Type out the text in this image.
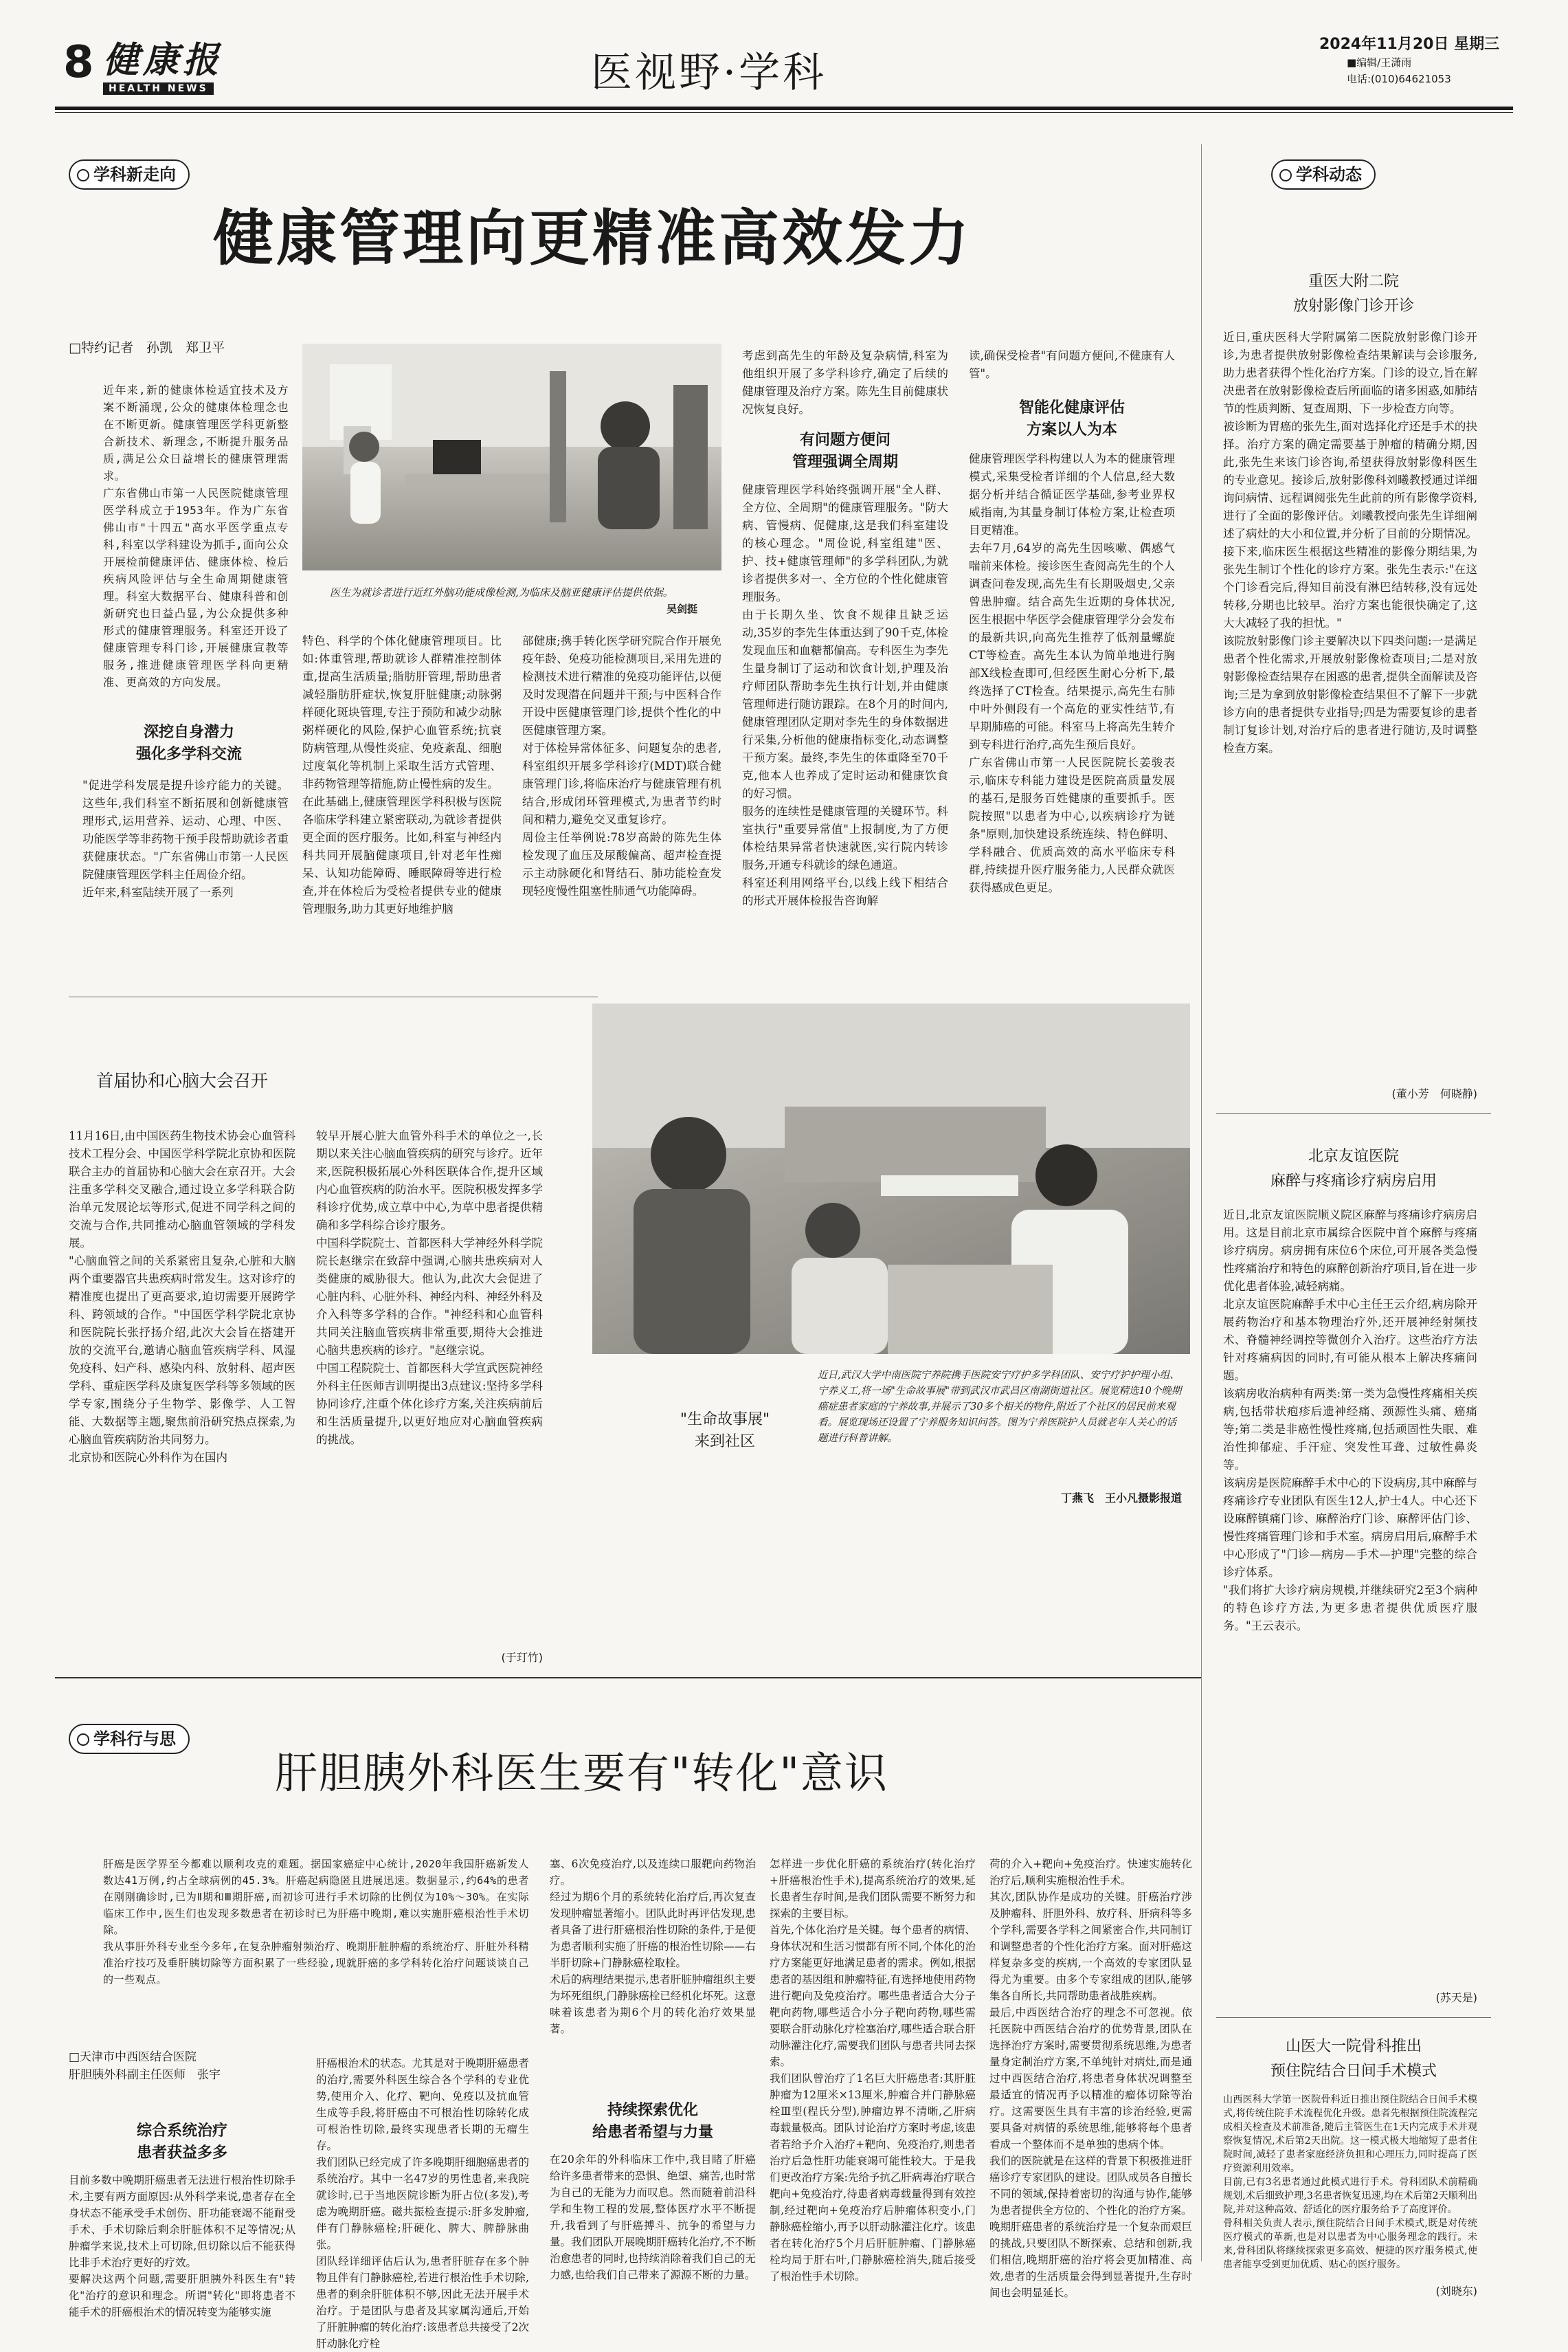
8 健康报
HEALTH NEWS	医视野·学科
2024年11月20日 星期三
■编辑/王潇雨
电话:(010)64621053
学科新走向
健康管理向更精准高效发力
□特约记者　孙凯　郑卫平
近年来,新的健康体检适宜技术及方案不断涌现,公众的健康体检理念也在不断更新。健康管理医学科更新整合新技术、新理念,不断提升服务品质,满足公众日益增长的健康管理需求。
广东省佛山市第一人民医院健康管理医学科成立于1953年。作为广东省佛山市"十四五"高水平医学重点专科,科室以学科建设为抓手,面向公众开展检前健康评估、健康体检、检后疾病风险评估与全生命周期健康管理。科室大数据平台、健康科普和创新研究也日益凸显,为公众提供多种形式的健康管理服务。科室还开设了健康管理专科门诊,开展健康宣教等服务,推进健康管理医学科向更精准、更高效的方向发展。
深挖自身潜力
强化多学科交流
"促进学科发展是提升诊疗能力的关键。这些年,我们科室不断拓展和创新健康管理形式,运用营养、运动、心理、中医、功能医学等非药物干预手段帮助就诊者重获健康状态。"广东省佛山市第一人民医院健康管理医学科主任周俭介绍。
近年来,科室陆续开展了一系列
医生为就诊者进行近红外脑功能成像检测,为临床及脑亚健康评估提供依据。
吴剑挺
特色、科学的个体化健康管理项目。比如:体重管理,帮助就诊人群精准控制体重,提高生活质量;脂肪肝管理,帮助患者减轻脂肪肝症状,恢复肝脏健康;动脉粥样硬化斑块管理,专注于预防和减少动脉粥样硬化的风险,保护心血管系统;抗衰防病管理,从慢性炎症、免疫紊乱、细胞过度氧化等机制上采取生活方式管理、非药物管理等措施,防止慢性病的发生。
在此基础上,健康管理医学科积极与医院各临床学科建立紧密联动,为就诊者提供更全面的医疗服务。比如,科室与神经内科共同开展脑健康项目,针对老年性痴呆、认知功能障碍、睡眠障碍等进行检查,并在体检后为受检者提供专业的健康管理服务,助力其更好地维护脑
部健康;携手转化医学研究院合作开展免疫年龄、免疫功能检测项目,采用先进的检测技术进行精准的免疫功能评估,以便及时发现潜在问题并干预;与中医科合作开设中医健康管理门诊,提供个性化的中医健康管理方案。
对于体检异常体征多、问题复杂的患者,科室组织开展多学科诊疗(MDT)联合健康管理门诊,将临床治疗与健康管理有机结合,形成闭环管理模式,为患者节约时间和精力,避免交叉重复诊疗。
周俭主任举例说:78岁高龄的陈先生体检发现了血压及尿酸偏高、超声检查提示主动脉硬化和肾结石、肺功能检查发现轻度慢性阻塞性肺通气功能障碍。
考虑到高先生的年龄及复杂病情,科室为他组织开展了多学科诊疗,确定了后续的健康管理及治疗方案。陈先生目前健康状况恢复良好。
有问题方便问
管理强调全周期
健康管理医学科始终强调开展"全人群、全方位、全周期"的健康管理服务。"防大病、管慢病、促健康,这是我们科室建设的核心理念。"周俭说,科室组建"医、护、技+健康管理师"的多学科团队,为就诊者提供多对一、全方位的个性化健康管理服务。
由于长期久坐、饮食不规律且缺乏运动,35岁的李先生体重达到了90千克,体检发现血压和血糖都偏高。专科医生为李先生量身制订了运动和饮食计划,护理及治疗师团队帮助李先生执行计划,并由健康管理师进行随访跟踪。在8个月的时间内,健康管理团队定期对李先生的身体数据进行采集,分析他的健康指标变化,动态调整干预方案。最终,李先生的体重降至70千克,他本人也养成了定时运动和健康饮食的好习惯。
服务的连续性是健康管理的关键环节。科室执行"重要异常值"上报制度,为了方便体检结果异常者快速就医,实行院内转诊服务,开通专科就诊的绿色通道。
科室还利用网络平台,以线上线下相结合的形式开展体检报告咨询解
读,确保受检者"有问题方便问,不健康有人管"。
智能化健康评估
方案以人为本
健康管理医学科构建以人为本的健康管理模式,采集受检者详细的个人信息,经大数据分析并结合循证医学基础,参考业界权威指南,为其量身制订体检方案,让检查项目更精准。
去年7月,64岁的高先生因咳嗽、偶感气喘前来体检。接诊医生查阅高先生的个人调查问卷发现,高先生有长期吸烟史,父亲曾患肿瘤。结合高先生近期的身体状况,医生根据中华医学会健康管理学分会发布的最新共识,向高先生推荐了低剂量螺旋CT等检查。高先生本认为简单地进行胸部X线检查即可,但经医生耐心分析下,最终选择了CT检查。结果提示,高先生右肺中叶外侧段有一个高危的亚实性结节,有早期肺癌的可能。科室马上将高先生转介到专科进行治疗,高先生预后良好。
广东省佛山市第一人民医院院长姜骏表示,临床专科能力建设是医院高质量发展的基石,是服务百姓健康的重要抓手。医院按照"以患者为中心,以疾病诊疗为链条"原则,加快建设系统连续、特色鲜明、学科融合、优质高效的高水平临床专科群,持续提升医疗服务能力,人民群众就医获得感成色更足。
学科动态
重医大附二院
放射影像门诊开诊
近日,重庆医科大学附属第二医院放射影像门诊开诊,为患者提供放射影像检查结果解读与会诊服务,助力患者获得个性化治疗方案。门诊的设立,旨在解决患者在放射影像检查后所面临的诸多困惑,如肺结节的性质判断、复查周期、下一步检查方向等。
被诊断为胃癌的张先生,面对选择化疗还是手术的抉择。治疗方案的确定需要基于肿瘤的精确分期,因此,张先生来该门诊咨询,希望获得放射影像科医生的专业意见。接诊后,放射影像科刘曦教授通过详细询问病情、远程调阅张先生此前的所有影像学资料,进行了全面的影像评估。刘曦教授向张先生详细阐述了病灶的大小和位置,并分析了目前的分期情况。接下来,临床医生根据这些精准的影像分期结果,为张先生制订个性化的诊疗方案。张先生表示:"在这个门诊看完后,得知目前没有淋巴结转移,没有远处转移,分期也比较早。治疗方案也能很快确定了,这大大减轻了我的担忧。"
该院放射影像门诊主要解决以下四类问题:一是满足患者个性化需求,开展放射影像检查项目;二是对放射影像检查结果存在困惑的患者,提供全面解读及咨询;三是为拿到放射影像检查结果但不了解下一步就诊方向的患者提供专业指导;四是为需要复诊的患者制订复诊计划,对治疗后的患者进行随访,及时调整检查方案。
(董小芳　何晓静)
北京友谊医院
麻醉与疼痛诊疗病房启用
近日,北京友谊医院顺义院区麻醉与疼痛诊疗病房启用。这是目前北京市属综合医院中首个麻醉与疼痛诊疗病房。病房拥有床位6个床位,可开展各类急慢性疼痛治疗和特色的麻醉创新治疗项目,旨在进一步优化患者体验,减轻病痛。
北京友谊医院麻醉手术中心主任王云介绍,病房除开展药物治疗和基本物理治疗外,还开展神经射频技术、脊髓神经调控等微创介入治疗。这些治疗方法针对疼痛病因的同时,有可能从根本上解决疼痛问题。
该病房收治病种有两类:第一类为急慢性疼痛相关疾病,包括带状疱疹后遗神经痛、颈源性头痛、癌痛等;第二类是非癌性慢性疼痛,包括顽固性失眠、难治性抑郁症、手汗症、突发性耳聋、过敏性鼻炎等。
该病房是医院麻醉手术中心的下设病房,其中麻醉与疼痛诊疗专业团队有医生12人,护士4人。中心还下设麻醉镇痛门诊、麻醉治疗门诊、麻醉评估门诊、慢性疼痛管理门诊和手术室。病房启用后,麻醉手术中心形成了"门诊—病房—手术—护理"完整的综合诊疗体系。
"我们将扩大诊疗病房规模,并继续研究2至3个病种的特色诊疗方法,为更多患者提供优质医疗服务。"王云表示。
(苏天是)
山医大一院骨科推出
预住院结合日间手术模式
山西医科大学第一医院骨科近日推出预住院结合日间手术模式,将传统住院手术流程优化升级。患者先根据预住院流程完成相关检查及术前准备,随后主管医生在1天内完成手术并观察恢复情况,术后第2天出院。这一模式极大地缩短了患者住院时间,减轻了患者家庭经济负担和心理压力,同时提高了医疗资源利用效率。
目前,已有3名患者通过此模式进行手术。骨科团队术前精确规划,术后细致护理,3名患者恢复迅速,均在术后第2天顺利出院,并对这种高效、舒适化的医疗服务给予了高度评价。
骨科相关负责人表示,预住院结合日间手术模式,既是对传统医疗模式的革新,也是对以患者为中心服务理念的践行。未来,骨科团队将继续探索更多高效、便捷的医疗服务模式,使患者能享受到更加优质、贴心的医疗服务。
(刘晓东)
首届协和心脑大会召开
11月16日,由中国医药生物技术协会心血管科技术工程分会、中国医学科学院北京协和医院联合主办的首届协和心脑大会在京召开。大会注重多学科交叉融合,通过设立多学科联合防治单元发展论坛等形式,促进不同学科之间的交流与合作,共同推动心脑血管领域的学科发展。
"心脑血管之间的关系紧密且复杂,心脏和大脑两个重要器官共患疾病时常发生。这对诊疗的精准度也提出了更高要求,迫切需要开展跨学科、跨领域的合作。"中国医学科学院北京协和医院院长张抒扬介绍,此次大会旨在搭建开放的交流平台,邀请心脑血管疾病学科、风湿免疫科、妇产科、感染内科、放射科、超声医学科、重症医学科及康复医学科等多领域的医学专家,围绕分子生物学、影像学、人工智能、大数据等主题,聚焦前沿研究热点探索,为心脑血管疾病防治共同努力。
北京协和医院心外科作为在国内
较早开展心脏大血管外科手术的单位之一,长期以来关注心脑血管疾病的研究与诊疗。近年来,医院积极拓展心外科医联体合作,提升区域内心血管疾病的防治水平。医院积极发挥多学科诊疗优势,成立草中中心,为草中患者提供精确和多学科综合诊疗服务。
中国科学院院士、首都医科大学神经外科学院院长赵继宗在致辞中强调,心脑共患疾病对人类健康的威胁很大。他认为,此次大会促进了心脏内科、心脏外科、神经内科、神经外科及介入科等多学科的合作。"神经科和心血管科共同关注脑血管疾病非常重要,期待大会推进心脑共患疾病的诊疗。"赵继宗说。
中国工程院院士、首都医科大学宣武医院神经外科主任医师吉训明提出3点建议:坚持多学科协同诊疗,注重个体化诊疗方案,关注疾病前后和生活质量提升,以更好地应对心脑血管疾病的挑战。
(于玎竹)
"生命故事展"
来到社区
近日,武汉大学中南医院宁养院携手医院安宁疗护多学科团队、安宁疗护护理小组、宁养义工,将一场"生命故事展"带到武汉市武昌区南湖街道社区。展览精选10个晚期癌症患者家庭的宁养故事,并展示了30多个相关的物件,附近了个社区的居民前来观看。展览现场还设置了宁养服务知识问答。图为宁养医院护人员就老年人关心的话题进行科普讲解。
丁燕飞　王小凡摄影报道
学科行与思
肝胆胰外科医生要有"转化"意识
肝癌是医学界至今都难以顺利攻克的难题。据国家癌症中心统计,2020年我国肝癌新发人数达41万例,约占全球病例的45.3%。肝癌起病隐匿且进展迅速。数据显示,约64%的患者在刚刚确诊时,已为Ⅱ期和Ⅲ期肝癌,而初诊可进行手术切除的比例仅为10%～30%。在实际临床工作中,医生们也发现多数患者在初诊时已为肝癌中晚期,难以实施肝癌根治性手术切除。
我从事肝外科专业至今多年,在复杂肿瘤射频治疗、晚期肝脏肿瘤的系统治疗、肝脏外科精准治疗技巧及垂肝胰切除等方面积累了一些经验,现就肝癌的多学科转化治疗问题谈谈自己的一些观点。
□天津市中西医结合医院
肝胆胰外科副主任医师　张宇
综合系统治疗
患者获益多多
目前多数中晚期肝癌患者无法进行根治性切除手术,主要有两方面原因:从外科学来说,患者存在全身状态不能承受手术创伤、肝功能衰竭不能耐受手术、手术切除后剩余肝脏体积不足等情况;从肿瘤学来说,技术上可切除,但切除以后不能获得比非手术治疗更好的疗效。
要解决这两个问题,需要肝胆胰外科医生有"转化"治疗的意识和理念。所谓"转化"即将患者不能手术的肝癌根治术的情况转变为能够实施
肝癌根治术的状态。尤其是对于晚期肝癌患者的治疗,需要外科医生综合各个学科的专业优势,使用介入、化疗、靶向、免疫以及抗血管生成等手段,将肝癌由不可根治性切除转化成可根治性切除,最终实现患者长期的无瘤生存。
我们团队已经完成了许多晚期肝细胞癌患者的系统治疗。其中一名47岁的男性患者,来我院就诊时,已于当地医院诊断为肝占位(多发),考虑为晚期肝癌。磁共振检查提示:肝多发肿瘤,伴有门静脉癌栓;肝硬化、脾大、脾静脉曲张。
团队经详细评估后认为,患者肝脏存在多个肿物且伴有门静脉癌栓,若进行根治性手术切除,患者的剩余肝脏体积不够,因此无法开展手术治疗。于是团队与患者及其家属沟通后,开始了肝脏肿瘤的转化治疗:该患者总共接受了2次肝动脉化疗栓
塞、6次免疫治疗,以及连续口服靶向药物治疗。
经过为期6个月的系统转化治疗后,再次复查发现肿瘤显著缩小。团队此时再评估发现,患者具备了进行肝癌根治性切除的条件,于是便为患者顺利实施了肝癌的根治性切除——右半肝切除+门静脉癌栓取栓。
术后的病理结果提示,患者肝脏肿瘤组织主要为坏死组织,门静脉癌栓已经机化坏死。这意味着该患者为期6个月的转化治疗效果显著。
持续探索优化
给患者希望与力量
在20余年的外科临床工作中,我目睹了肝癌给许多患者带来的恐惧、绝望、痛苦,也时常为自己的无能为力而叹息。然而随着前沿科学和生物工程的发展,整体医疗水平不断提升,我看到了与肝癌搏斗、抗争的希望与力量。我们团队开展晚期肝癌转化治疗,不不断治愈患者的同时,也持续消除着我们自己的无力感,也给我们自己带来了源源不断的力量。
怎样进一步优化肝癌的系统治疗(转化治疗+肝癌根治性手术),提高系统治疗的效果,延长患者生存时间,是我们团队需要不断努力和探索的主要目标。
首先,个体化治疗是关键。每个患者的病情、身体状况和生活习惯都有所不同,个体化的治疗方案能更好地满足患者的需求。例如,根据患者的基因组和肿瘤特征,有选择地使用药物进行靶向及免疫治疗。哪些患者适合大分子靶向药物,哪些适合小分子靶向药物,哪些需要联合肝动脉化疗栓塞治疗,哪些适合联合肝动脉灌注化疗,需要我们团队与患者共同去探索。
我们团队曾治疗了1名巨大肝癌患者:其肝脏肿瘤为12厘米×13厘米,肿瘤合并门静脉癌栓Ⅲ型(程氏分型),肿瘤边界不清晰,乙肝病毒载量极高。团队讨论治疗方案时考虑,该患者若给予介入治疗+靶向、免疫治疗,则患者治疗后急性肝功能衰竭可能性较大。于是我们更改治疗方案:先给予抗乙肝病毒治疗联合靶向+免疫治疗,待患者病毒载量得到有效控制,经过靶向+免疫治疗后肿瘤体积变小,门静脉癌栓缩小,再予以肝动脉灌注化疗。该患者在转化治疗5个月后肝脏肿瘤、门静脉癌栓均局于肝右叶,门静脉癌栓消失,随后接受了根治性手术切除。
荷的介入+靶向+免疫治疗。快速实施转化治疗后,顺利实施根治性手术。
其次,团队协作是成功的关键。肝癌治疗涉及肿瘤科、肝胆外科、放疗科、肝病科等多个学科,需要各学科之间紧密合作,共同制订和调整患者的个性化治疗方案。面对肝癌这样复杂多变的疾病,一个高效的专家团队显得尤为重要。由多个专家组成的团队,能够集各自所长,共同帮助患者战胜疾病。
最后,中西医结合治疗的理念不可忽视。依托医院中西医结合治疗的优势背景,团队在选择治疗方案时,需要贯彻系统思维,为患者量身定制治疗方案,不单纯针对病灶,而是通过中西医结合治疗,将患者身体状况调整至最适宜的情况再予以精准的瘤体切除等治疗。这需要医生具有丰富的诊治经验,更需要具备对病情的系统思维,能够将每个患者看成一个整体而不是单独的患病个体。
我们的医院就是在这样的背景下积极推进肝癌诊疗专家团队的建设。团队成员各自擅长不同的领域,保持着密切的沟通与协作,能够为患者提供全方位的、个性化的治疗方案。
晚期肝癌患者的系统治疗是一个复杂而艰巨的挑战,只要团队不断探索、总结和创新,我们相信,晚期肝癌的治疗将会更加精准、高效,患者的生活质量会得到显著提升,生存时间也会明显延长。
